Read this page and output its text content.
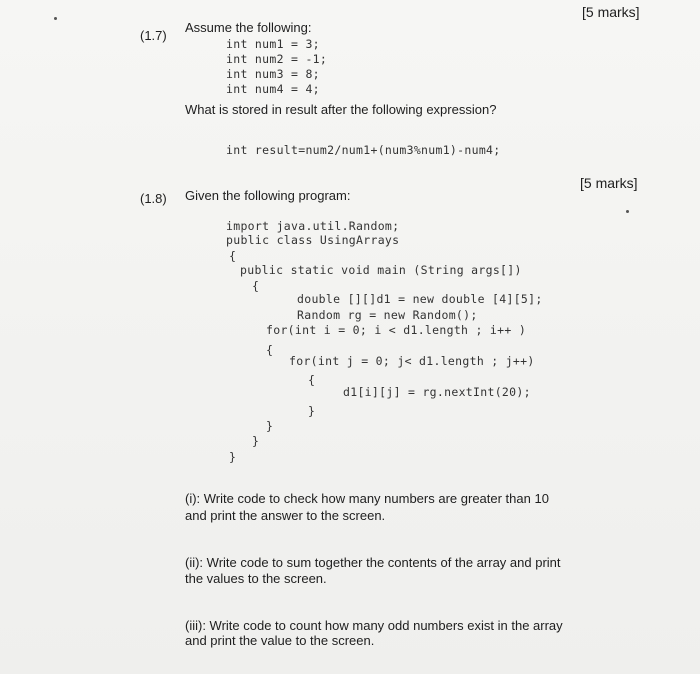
[5 marks]
(1.7)
Assume the following:
int num1 = 3;
int num2 = -1;
int num3 = 8;
int num4 = 4;
What is stored in result after the following expression?
int result=num2/num1+(num3%num1)-num4;
[5 marks]
(1.8) Given the following program:
import java.util.Random;
public class UsingArrays
{
public static void main (String args[])
{
double [][]d1 = new double [4][5];
Random rg = new Random();
for(int i = 0; i < d1.length ; i++ )
{
for(int j = 0; j< d1.length ; j++)
{
d1[i][j] = rg.nextInt(20);
}
}
}
}
(i): Write code to check how many numbers are greater than 10
and print the answer to the screen.
(ii): Write code to sum together the contents of the array and print
the values to the screen.
(iii): Write code to count how many odd numbers exist in the array
and print the value to the screen.
